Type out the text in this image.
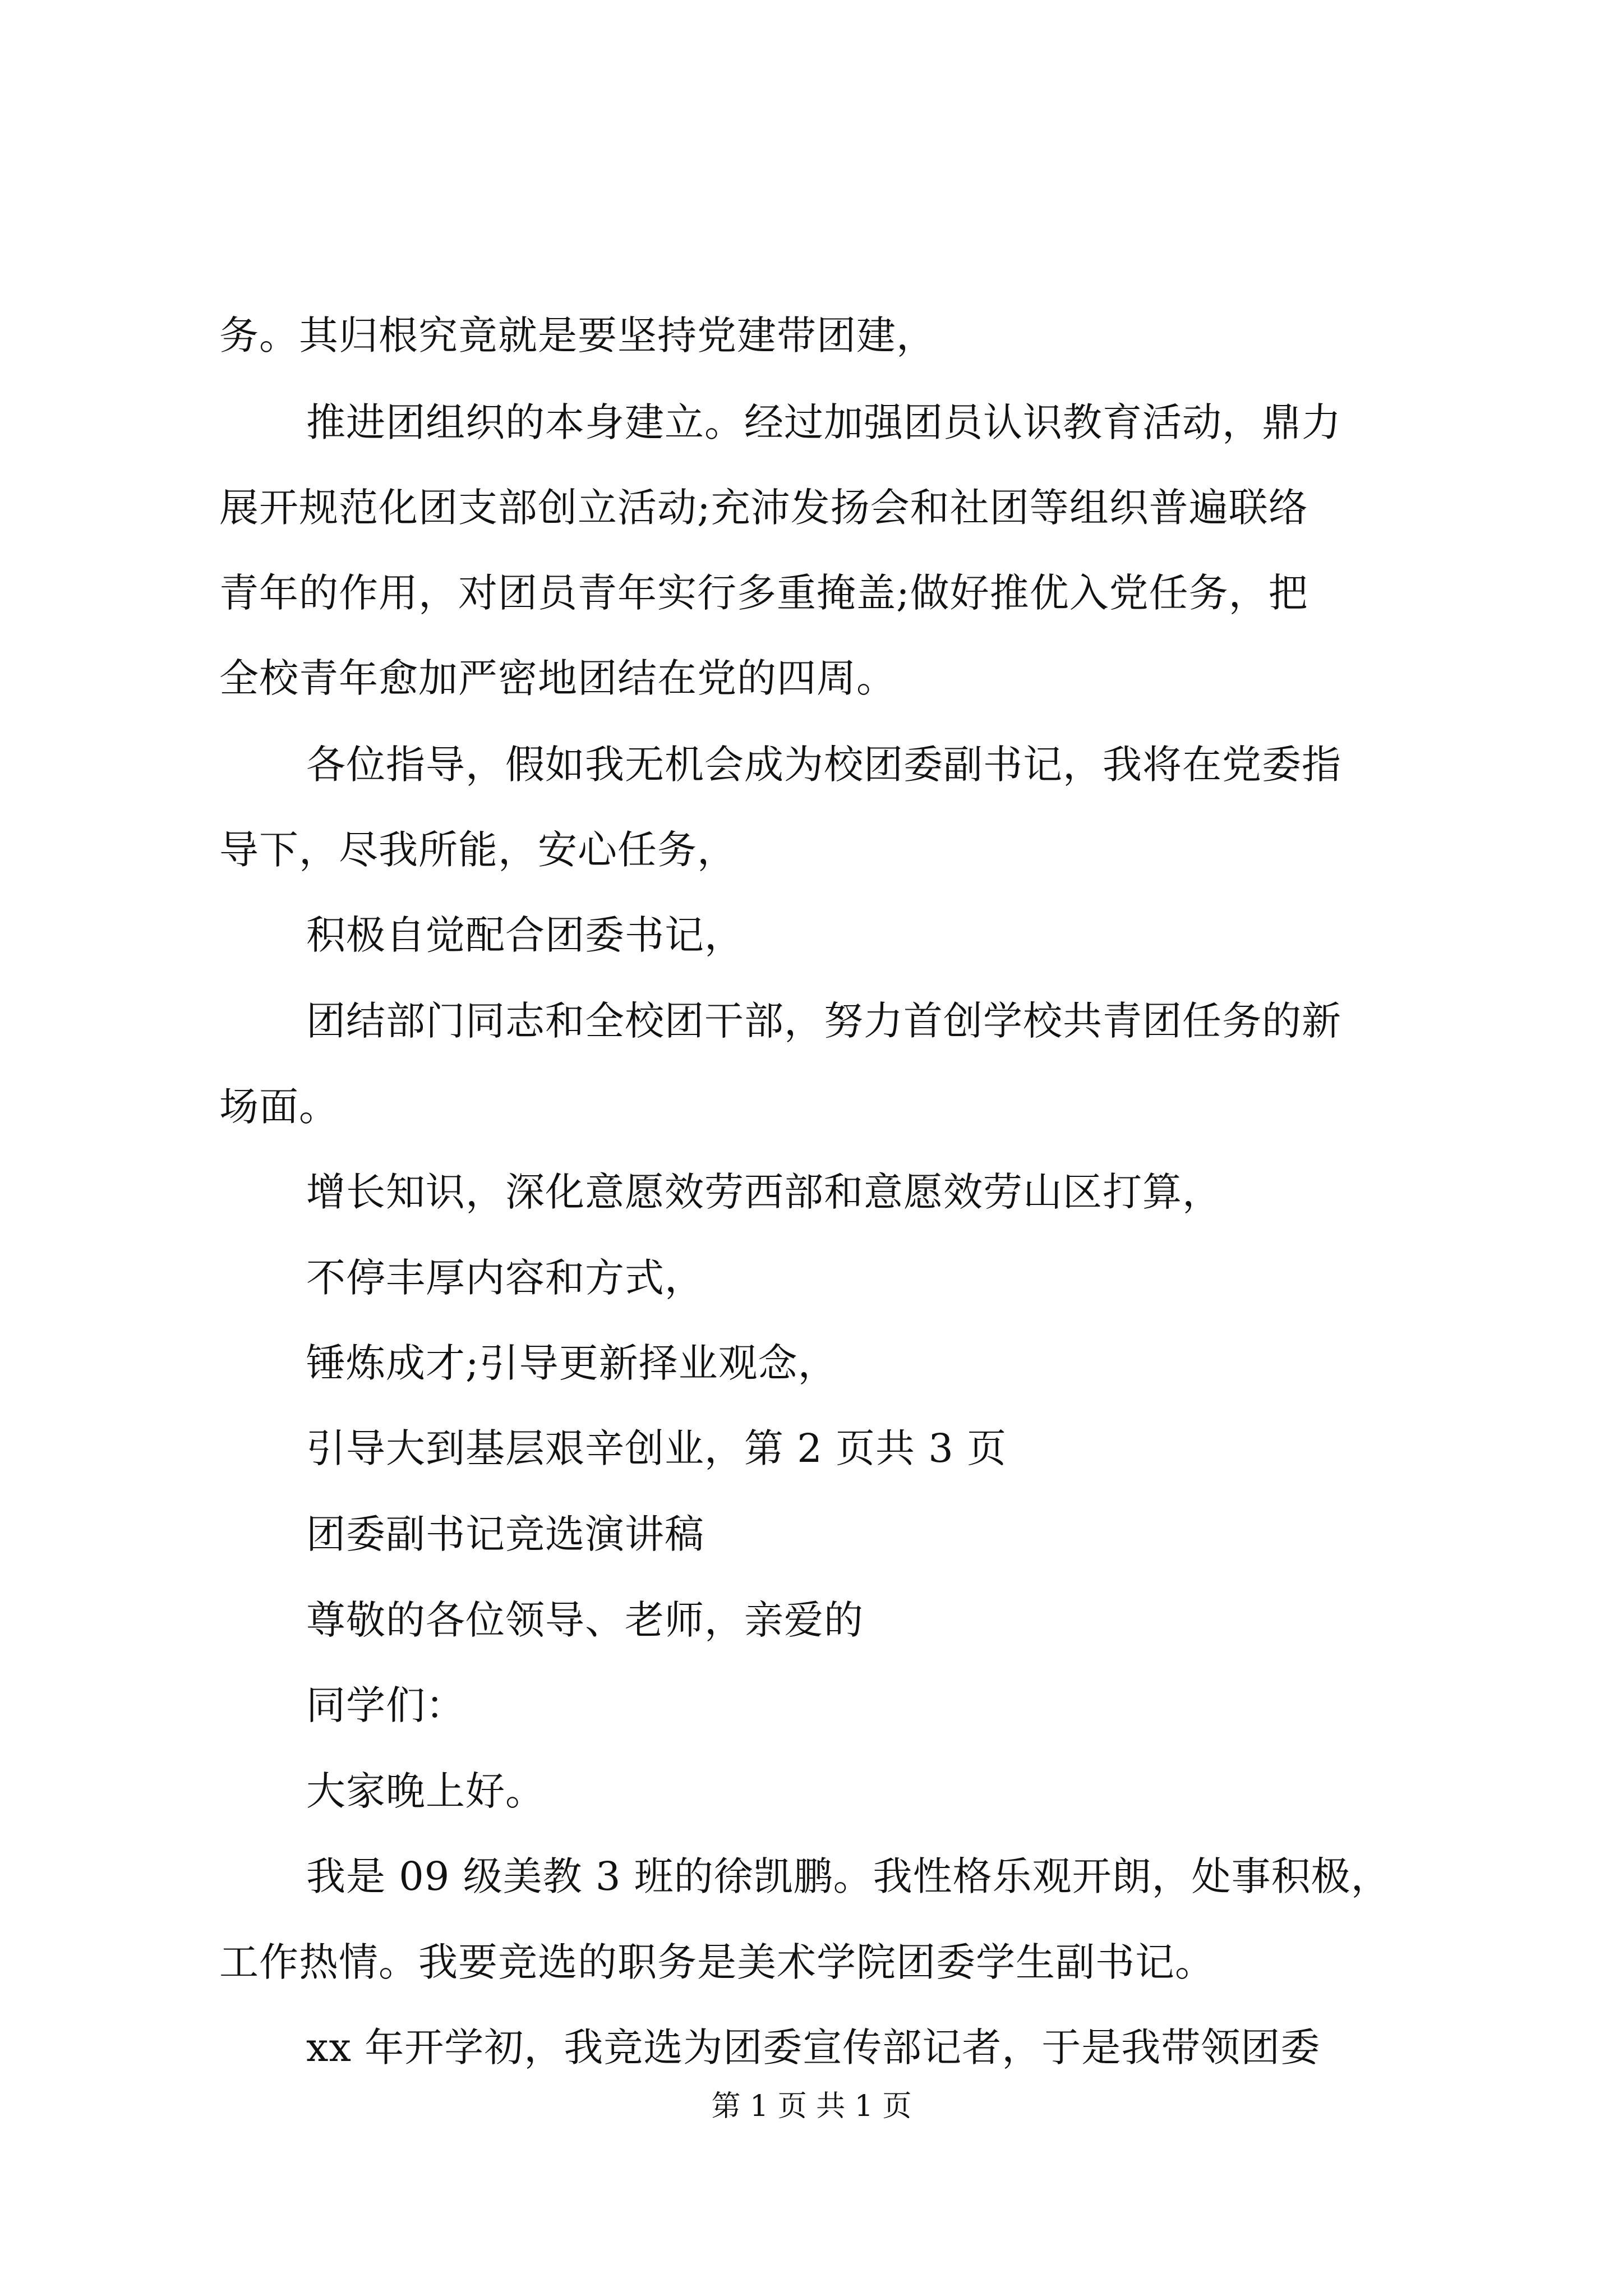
务。其归根究竟就是要坚持党建带团建，
推进团组织的本身建立。经过加强团员认识教育活动，鼎力
展开规范化团支部创立活动;充沛发扬会和社团等组织普遍联络
青年的作用，对团员青年实行多重掩盖;做好推优入党任务，把
全校青年愈加严密地团结在党的四周。
各位指导，假如我无机会成为校团委副书记，我将在党委指
导下，尽我所能，安心任务，
积极自觉配合团委书记，
团结部门同志和全校团干部，努力首创学校共青团任务的新
场面。
增长知识，深化意愿效劳西部和意愿效劳山区打算，
不停丰厚内容和方式，
锤炼成才;引导更新择业观念，
引导大到基层艰辛创业，第 2 页共 3 页
团委副书记竞选演讲稿
尊敬的各位领导、老师，亲爱的
同学们：
大家晚上好。
我是 09 级美教 3 班的徐凯鹏。我性格乐观开朗，处事积极，
工作热情。我要竞选的职务是美术学院团委学生副书记。
xx 年开学初，我竞选为团委宣传部记者，于是我带领团委
第 1 页 共 1 页
